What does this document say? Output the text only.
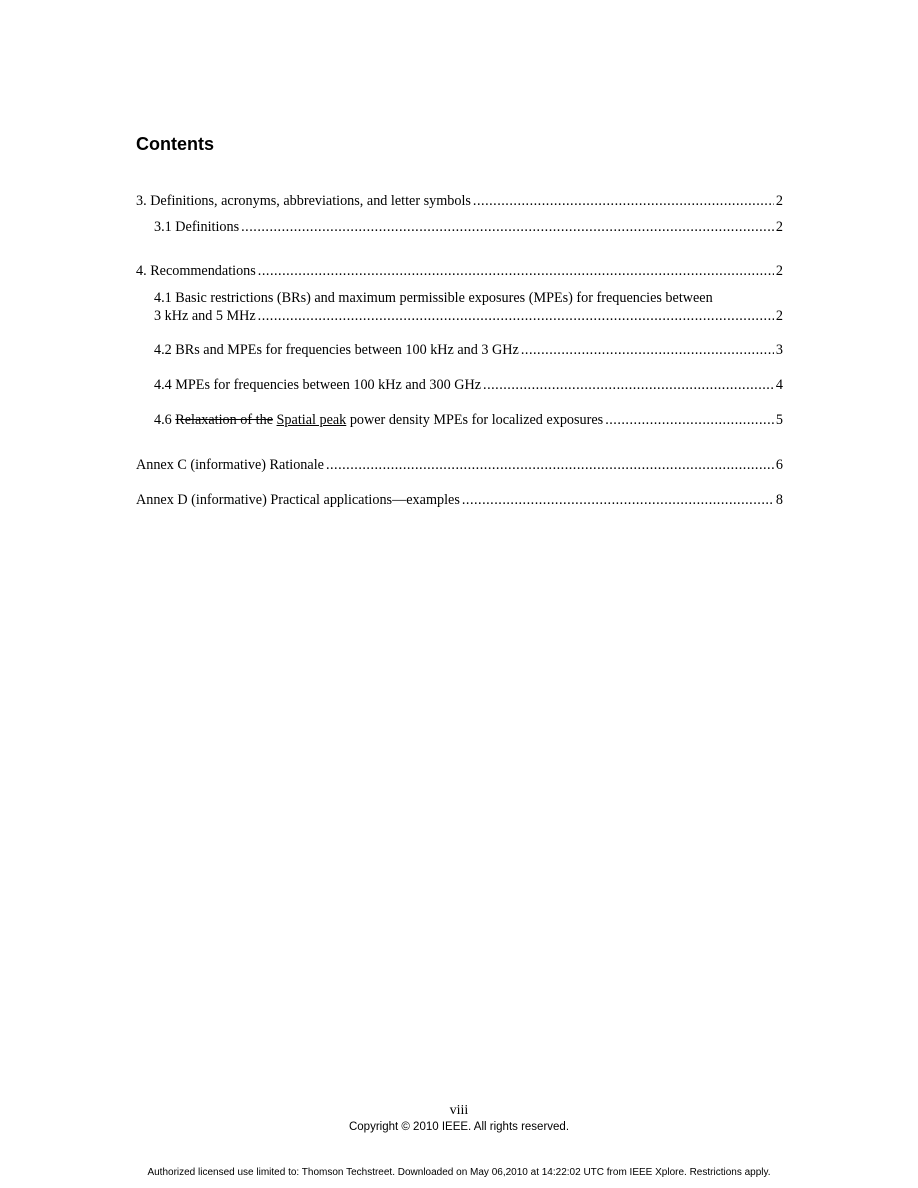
Contents
3. Definitions, acronyms, abbreviations, and letter symbols .....	2
3.1 Definitions .....	2
4. Recommendations .....	2
4.1 Basic restrictions (BRs) and maximum permissible exposures (MPEs) for frequencies between
3 kHz and 5 MHz .....	2
4.2 BRs and MPEs for frequencies between 100 kHz and 3 GHz .....	3
4.4 MPEs for frequencies between 100 kHz and 300 GHz .....	4
4.6 Relaxation of the Spatial peak power density MPEs for localized exposures .....	5
Annex C (informative) Rationale .....	6
Annex D (informative) Practical applications—examples .....	8
viii
Copyright © 2010 IEEE. All rights reserved.
Authorized licensed use limited to: Thomson Techstreet. Downloaded on May 06,2010 at 14:22:02 UTC from IEEE Xplore. Restrictions apply.
